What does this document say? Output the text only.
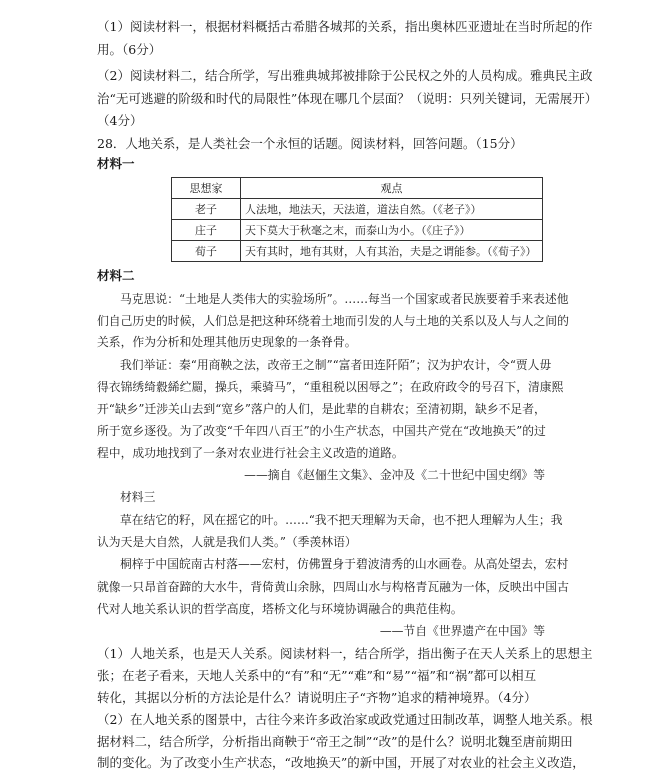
（1）阅读材料一，根据材料概括古希腊各城邦的关系，指出奥林匹亚遗址在当时所起的作
用。（6分）
（2）阅读材料二，结合所学，写出雅典城邦被排除于公民权之外的人员构成。雅典民主政
治“无可逃避的阶级和时代的局限性”体现在哪几个层面？（说明：只列关键词，无需展开）
（4分）
28．人地关系，是人类社会一个永恒的话题。阅读材料，回答问题。（15分）
材料一
思想家	观点
老子	人法地，地法天，天法道，道法自然。（《老子》）
庄子	天下莫大于秋毫之末，而泰山为小。（《庄子》）
荀子	天有其时，地有其财，人有其治，夫是之谓能参。（《荀子》）
材料二
马克思说：“土地是人类伟大的实验场所”。……每当一个国家或者民族要着手来表述他
们自己历史的时候，人们总是把这种环绕着土地而引发的人与土地的关系以及人与人之间的
关系，作为分析和处理其他历史现象的一条脊骨。
我们举证：秦“用商鞅之法，改帝王之制”“富者田连阡陌”；汉为护农计，令“贾人毋
得衣锦绣绮縠絺纻罽，操兵，乘骑马”，“重租税以困辱之”；在政府政令的号召下，清康熙
开“缺乡”迁涉关山去到“宽乡”落户的人们，是此辈的自耕农；至清初期，缺乡不足者，
所于宽乡逐役。为了改变“千年四八百王”的小生产状态，中国共产党在“改地换天”的过
程中，成功地找到了一条对农业进行社会主义改造的道路。
——摘自《赵俪生文集》、金冲及《二十世纪中国史纲》等
材料三
草在结它的籽，风在摇它的叶。……“我不把天理解为天命，也不把人理解为人生；我
认为天是大自然，人就是我们人类。”（季羡林语）
桐梓于中国皖南古村落——宏村，仿佛置身于碧波清秀的山水画卷。从高处望去，宏村
就像一只昂首奋蹄的大水牛，背倚黄山余脉，四周山水与构格青瓦融为一体，反映出中国古
代对人地关系认识的哲学高度，塔桥文化与环境协调融合的典范佳构。
——节自《世界遗产在中国》等
（1）人地关系，也是天人关系。阅读材料一，结合所学，指出衡子在天人关系上的思想主
张；在老子看来，天地人关系中的“有”和“无”“难”和“易”“福”和“祸”都可以相互
转化，其据以分析的方法论是什么？请说明庄子“齐物”追求的精神境界。（4分）
（2）在人地关系的图景中，古往今来许多政治家或政党通过田制改革，调整人地关系。根
据材料二，结合所学，分析指出商鞅于“帝王之制”“改”的是什么？说明北魏至唐前期田
制的变化。为了改变小生产状态，“改地换天”的新中国，开展了对农业的社会主义改造，
